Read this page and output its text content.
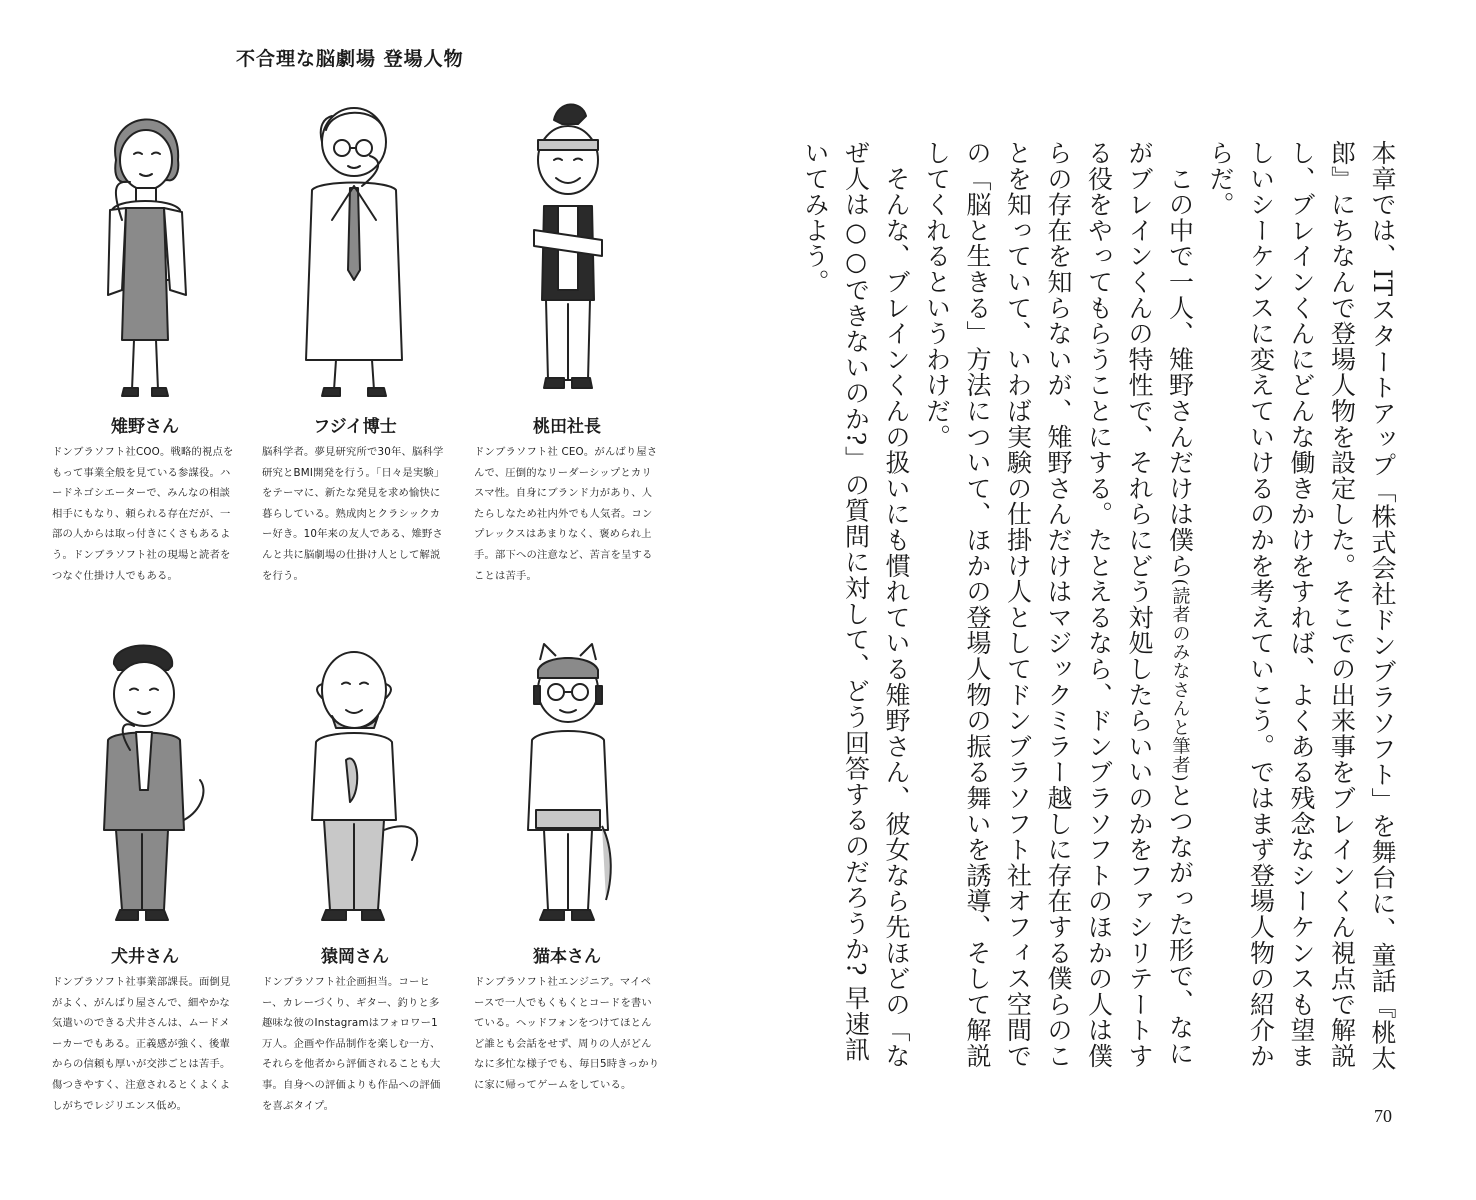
不合理な脳劇場 登場人物
雉野さん
ドンブラソフト社COO。戦略的視点をもって事業全般を見ている参謀役。ハードネゴシエーターで、みんなの相談相手にもなり、頼られる存在だが、一部の人からは取っ付きにくさもあるよう。ドンブラソフト社の現場と読者をつなぐ仕掛け人でもある。
フジイ博士
脳科学者。夢見研究所で30年、脳科学研究とBMI開発を行う。「日々是実験」をテーマに、新たな発見を求め愉快に暮らしている。熟成肉とクラシックカー好き。10年来の友人である、雉野さんと共に脳劇場の仕掛け人として解説を行う。
桃田社長
ドンブラソフト社 CEO。がんばり屋さんで、圧倒的なリーダーシップとカリスマ性。自身にブランド力があり、人たらしなため社内外でも人気者。コンプレックスはあまりなく、褒められ上手。部下への注意など、苦言を呈することは苦手。
犬井さん
ドンブラソフト社事業部課長。面倒見がよく、がんばり屋さんで、細やかな気遣いのできる犬井さんは、ムードメーカーでもある。正義感が強く、後輩からの信頼も厚いが交渉ごとは苦手。傷つきやすく、注意されるとくよくよしがちでレジリエンス低め。
猿岡さん
ドンブラソフト社企画担当。コーヒー、カレーづくり、ギター、釣りと多趣味な彼のInstagramはフォロワー1万人。企画や作品制作を楽しむ一方、それらを他者から評価されることも大事。自身への評価よりも作品への評価を喜ぶタイプ。
猫本さん
ドンブラソフト社エンジニア。マイペースで一人でもくもくとコードを書いている。ヘッドフォンをつけてほとんど誰とも会話をせず、周りの人がどんなに多忙な様子でも、毎日5時きっかりに家に帰ってゲームをしている。

本章では、ITスタートアップ「株式会社ドンブラソフト」を舞台に、童話『桃太郎』にちなんで登場人物を設定した。そこでの出来事をブレインくん視点で解説し、ブレインくんにどんな働きかけをすれば、よくある残念なシーケンスも望ましいシーケンスに変えていけるのかを考えていこう。ではまず登場人物の紹介からだ。

　この中で一人、雉野さんだけは僕ら(読者のみなさんと筆者)とつながった形で、なにがブレインくんの特性で、それらにどう対処したらいいのかをファシリテートする役をやってもらうことにする。たとえるなら、ドンブラソフトのほかの人は僕らの存在を知らないが、雉野さんだけはマジックミラー越しに存在する僕らのことを知っていて、いわば実験の仕掛け人としてドンブラソフト社オフィス空間での「脳と生きる」方法について、ほかの登場人物の振る舞いを誘導、そして解説してくれるというわけだ。

　そんな、ブレインくんの扱いにも慣れている雉野さん、彼女なら先ほどの「なぜ人は○○できないのか?」の質問に対して、どう回答するのだろうか? 早速訊いてみよう。

70
